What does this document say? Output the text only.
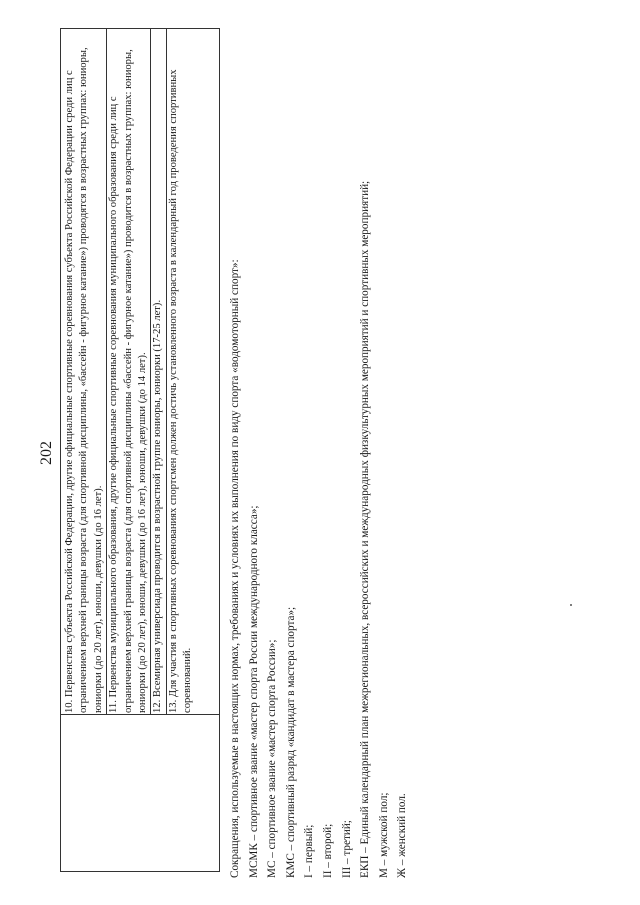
202 10. Первенства субъекта Российской Федерации, другие официальные спортивные соревнования субъекта Российской Федерации среди лиц с ограничением верхней границы возраста (для спортивной дисциплины, «бассейн - фигурное катание») проводятся в возрастных группах: юниоры, юниорки (до 20 лет), юноши, девушки (до 16 лет). 11. Первенства муниципального образования, другие официальные спортивные соревнования муниципального образования среди лиц с ограничением верхней границы возраста (для спортивной дисциплины «бассейн - фигурное катание») проводится в возрастных группах: юниоры, юниорки (до 20 лет), юноши, девушки (до 16 лет), юноши, девушки (до 14 лет). 12. Всемирная универсиада проводится в возрастной группе юниоры, юниорки (17-25 лет). 13. Для участия в спортивных соревнованиях спортсмен должен достичь установленного возраста в календарный год проведения спортивных соревнований.	Сокращения, используемые в настоящих нормах, требованиях и условиях их выполнения по виду спорта «водомоторный спорт»: МСМК – спортивное звание «мастер спорта России международного класса»; МС – спортивное звание «мастер спорта России»; КМС – спортивный разряд «кандидат в мастера спорта»; I – первый; II – второй; III – третий; ЕКП – Единый календарный план межрегиональных, всероссийских и международных физкультурных мероприятий и спортивных мероприятий; М – мужской пол; Ж – женский пол.
